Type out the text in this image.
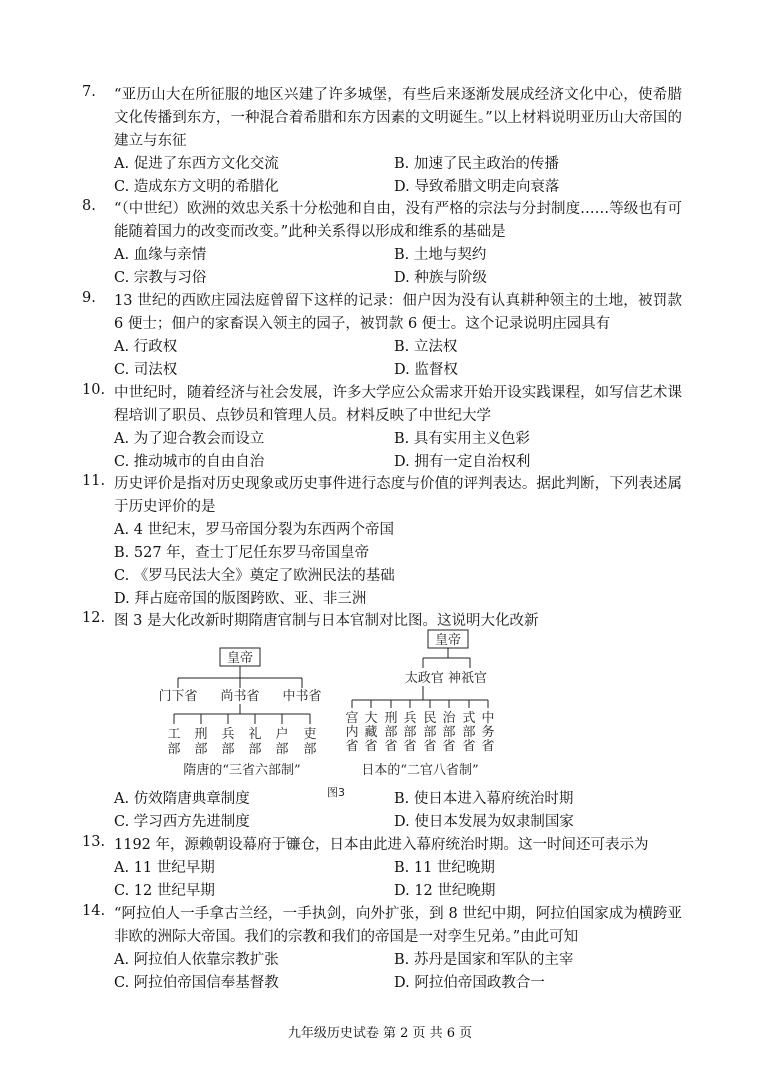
7.	“亚历山大在所征服的地区兴建了许多城堡，有些后来逐渐发展成经济文化中心，使希腊文化传播到东方，一种混合着希腊和东方因素的文明诞生。”以上材料说明亚历山大帝国的建立与东征
A. 促进了东西方文化交流	B. 加速了民主政治的传播
C. 造成东方文明的希腊化	D. 导致希腊文明走向衰落
8.	“（中世纪）欧洲的效忠关系十分松弛和自由，没有严格的宗法与分封制度……等级也有可能随着国力的改变而改变。”此种关系得以形成和维系的基础是
A. 血缘与亲情	B. 土地与契约
C. 宗教与习俗	D. 种族与阶级
9.	13 世纪的西欧庄园法庭曾留下这样的记录：佃户因为没有认真耕种领主的土地，被罚款 6 便士；佃户的家畜误入领主的园子，被罚款 6 便士。这个记录说明庄园具有
A. 行政权	B. 立法权
C. 司法权	D. 监督权
10. 中世纪时，随着经济与社会发展，许多大学应公众需求开始开设实践课程，如写信艺术课程培训了职员、点钞员和管理人员。材料反映了中世纪大学
A. 为了迎合教会而设立	B. 具有实用主义色彩
C. 推动城市的自由自治	D. 拥有一定自治权利
11. 历史评价是指对历史现象或历史事件进行态度与价值的评判表达。据此判断，下列表述属于历史评价的是
A. 4 世纪末，罗马帝国分裂为东西两个帝国
B. 527 年，查士丁尼任东罗马帝国皇帝
C. 《罗马民法大全》奠定了欧洲民法的基础
D. 拜占庭帝国的版图跨欧、亚、非三洲
12. 图 3 是大化改新时期隋唐官制与日本官制对比图。这说明大化改新
皇帝
门下省 尚书省 中书省
工
部
刑
部
兵
部
礼
部
户
部
吏
部
隋唐的“三省六部制”
皇帝
太政官 神祇官
宫
内
省
大
藏
省
刑
部
省
兵
部
省
民
部
省
治
部
省
式
部
省
中
务
省
日本的“二官八省制”
图3
A. 仿效隋唐典章制度	B. 使日本进入幕府统治时期
C. 学习西方先进制度	D. 使日本发展为奴隶制国家
13. 1192 年，源赖朝设幕府于镰仓，日本由此进入幕府统治时期。这一时间还可表示为
A. 11 世纪早期	B. 11 世纪晚期
C. 12 世纪早期	D. 12 世纪晚期
14. “阿拉伯人一手拿古兰经，一手执剑，向外扩张，到 8 世纪中期，阿拉伯国家成为横跨亚非欧的洲际大帝国。我们的宗教和我们的帝国是一对孪生兄弟。”由此可知
A. 阿拉伯人依靠宗教扩张	B. 苏丹是国家和军队的主宰
C. 阿拉伯帝国信奉基督教	D. 阿拉伯帝国政教合一
九年级历史试卷 第 2 页 共 6 页
